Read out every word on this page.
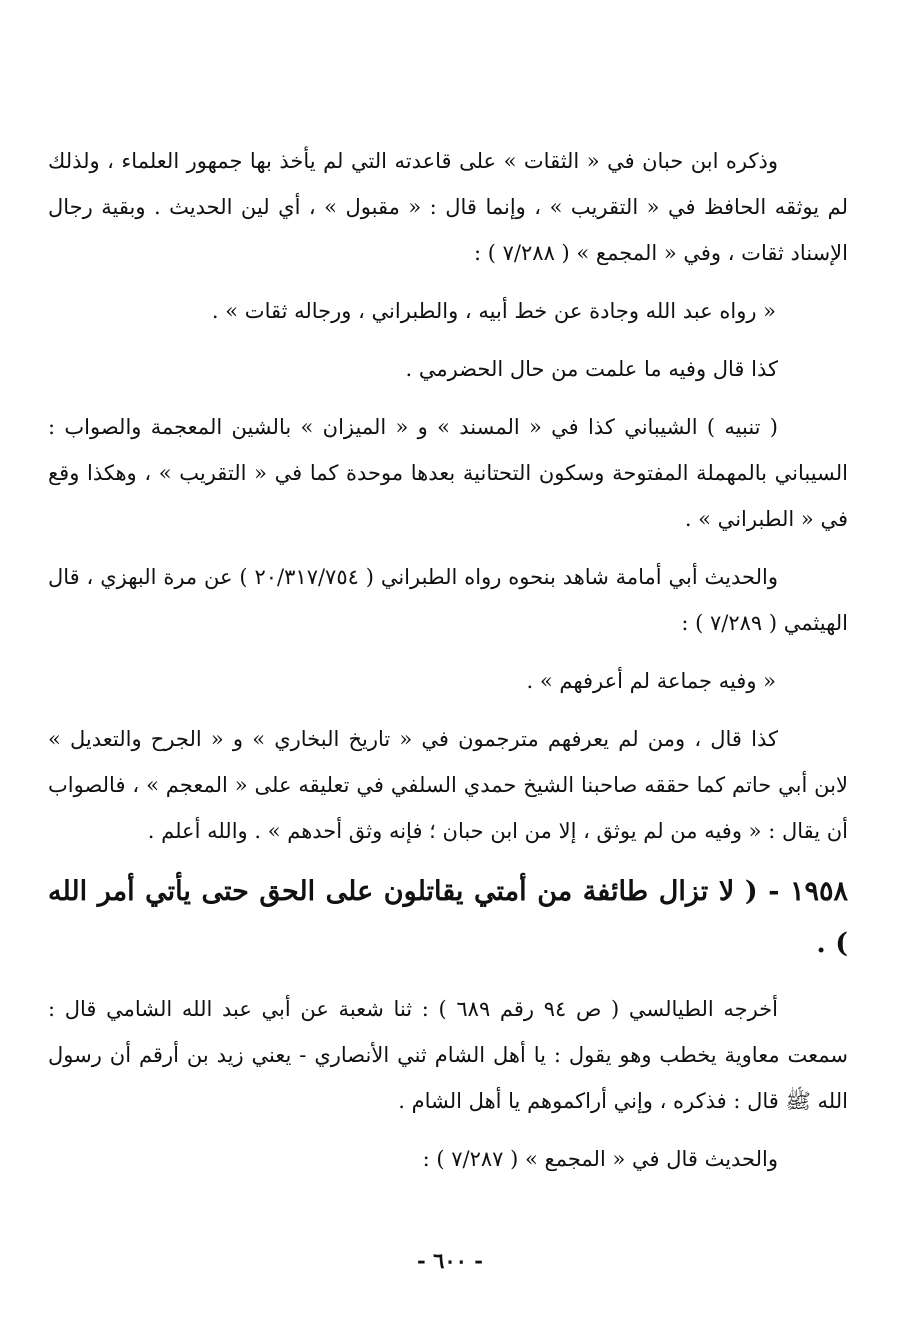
وذكره ابن حبان في « الثقات » على قاعدته التي لم يأخذ بها جمهور العلماء ، ولذلك لم يوثقه الحافظ في « التقريب » ، وإنما قال : « مقبول » ، أي لين الحديث . وبقية رجال الإسناد ثقات ، وفي « المجمع » ( ٧/٢٨٨ ) :

« رواه عبد الله وجادة عن خط أبيه ، والطبراني ، ورجاله ثقات » .

كذا قال وفيه ما علمت من حال الحضرمي .

( تنبيه ) الشيباني كذا في « المسند » و « الميزان » بالشين المعجمة والصواب : السيباني بالمهملة المفتوحة وسكون التحتانية بعدها موحدة كما في « التقريب » ، وهكذا وقع في « الطبراني » .

والحديث أبي أمامة شاهد بنحوه رواه الطبراني ( ٢٠/٣١٧/٧٥٤ ) عن مرة البهزي ، قال الهيثمي ( ٧/٢٨٩ ) :

« وفيه جماعة لم أعرفهم » .

كذا قال ، ومن لم يعرفهم مترجمون في « تاريخ البخاري » و « الجرح والتعديل » لابن أبي حاتم كما حققه صاحبنا الشيخ حمدي السلفي في تعليقه على « المعجم » ، فالصواب أن يقال : « وفيه من لم يوثق ، إلا من ابن حبان ؛ فإنه وثق أحدهم » . والله أعلم .

١٩٥٨ - ( لا تزال طائفة من أمتي يقاتلون على الحق حتى يأتي أمر الله ) .

أخرجه الطيالسي ( ص ٩٤ رقم ٦٨٩ ) : ثنا شعبة عن أبي عبد الله الشامي قال : سمعت معاوية يخطب وهو يقول : يا أهل الشام ثني الأنصاري - يعني زيد بن أرقم أن رسول الله ﷺ قال : فذكره ، وإني أراكموهم يا أهل الشام .

والحديث قال في « المجمع » ( ٧/٢٨٧ ) :

- ٦٠٠ -
